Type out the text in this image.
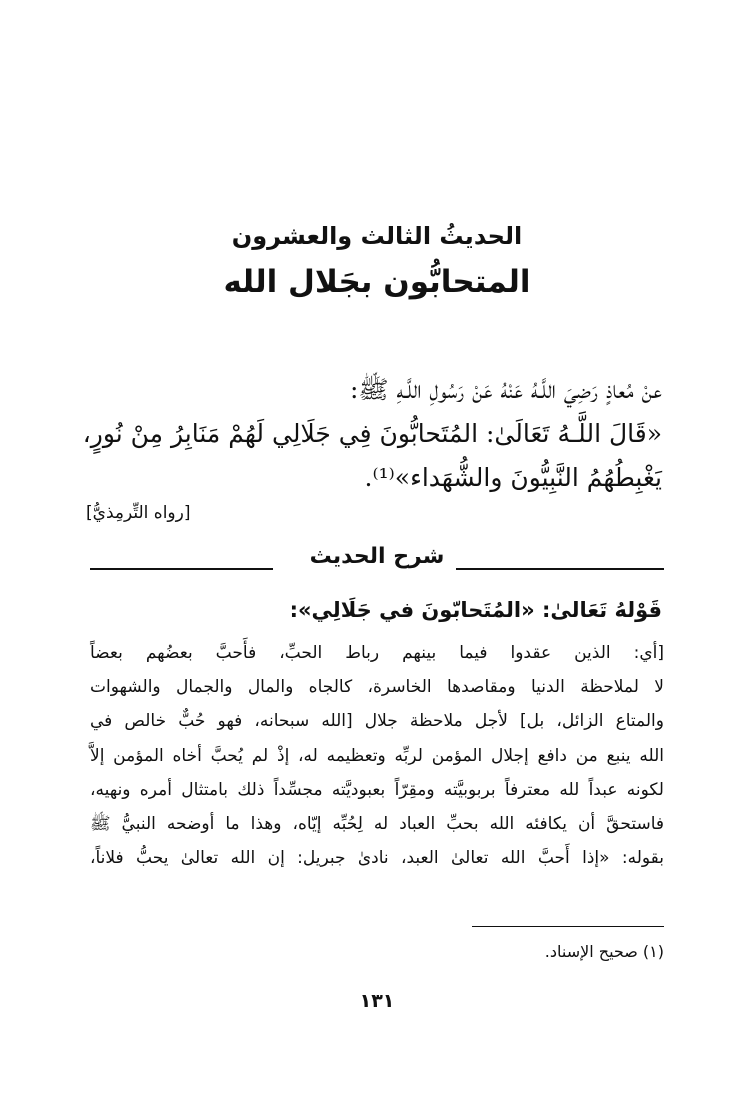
الحديثُ الثالث والعشرون
المتحابُّون بجَلال الله
عنْ مُعاذٍ رَضِيَ اللَّـهُ عَنْهُ عَنْ رَسُولِ اللَّـهِ ﷺ:
«قَالَ اللَّـهُ تَعَالَىٰ: المُتَحابُّونَ فِي جَلَالِي لَهُمْ مَنَابِرُ مِنْ نُورٍ،
يَغْبِطُهُمُ النَّبِيُّونَ والشُّهَداء»⁽¹⁾.
[رواه التِّرمِذيُّ]
شرح الحديث
قَوْلهُ تَعَالىٰ: «المُتَحابّونَ في جَلَالِي»:
[أي: الذين عقدوا فيما بينهم رباط الحبِّ، فأَحبَّ بعضُهم بعضاً
لا لملاحظة الدنيا ومقاصدها الخاسرة، كالجاه والمال والجمال والشهوات
والمتاع الزائل، بل] لأجل ملاحظة جلال [الله سبحانه، فهو حُبٌّ خالص في
الله ينبع من دافع إجلال المؤمن لربِّه وتعظيمه له، إذْ لم يُحبَّ أخاه المؤمن إلاَّ
لكونه عبداً لله معترفاً بربوبيَّته ومقِرّاً بعبوديَّته مجسِّداً ذلك بامتثال أمره ونهيه،
فاستحقَّ أن يكافئه الله بحبِّ العباد له لِحُبِّه إيّاه، وهذا ما أوضحه النبيُّ ﷺ
بقوله: «إذا أَحبَّ الله تعالىٰ العبد، نادىٰ جبريل: إن الله تعالىٰ يحبُّ فلاناً،
(١) صحيح الإسناد.
١٣١
